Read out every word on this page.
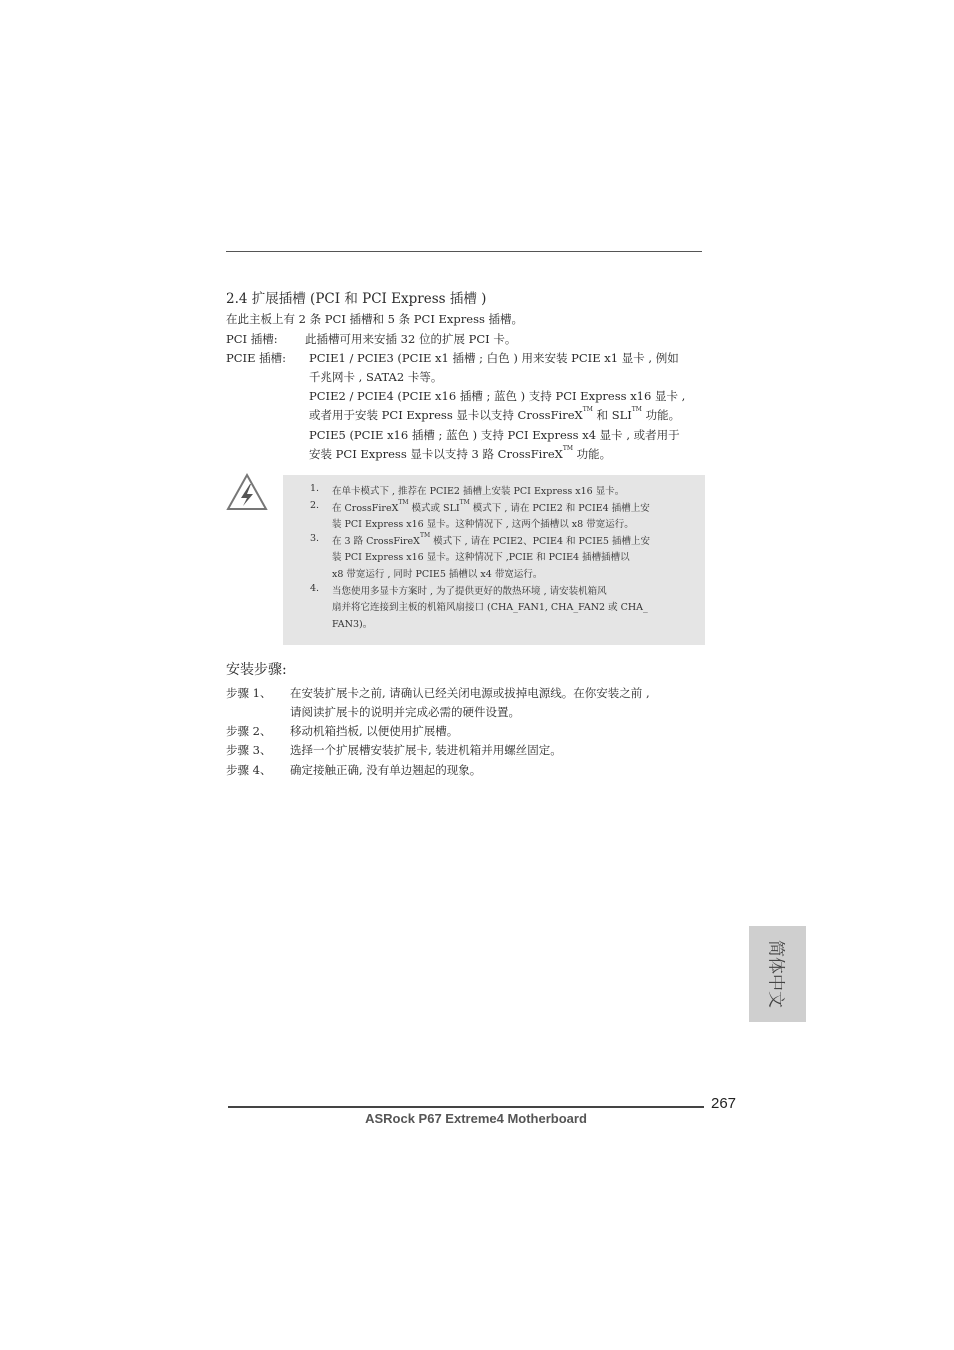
2.4 扩展插槽 (PCI 和 PCI Express 插槽 )
在此主板上有 2 条 PCI 插槽和 5 条 PCI Express 插槽。
PCI 插槽: 此插槽可用来安插 32 位的扩展 PCI 卡。
PCIE 插槽: PCIE1 / PCIE3 (PCIE x1 插槽 ; 白色 ) 用来安装 PCIE x1 显卡 , 例如
千兆网卡 , SATA2 卡等。
PCIE2 / PCIE4 (PCIE x16 插槽 ; 蓝色 ) 支持 PCI Express x16 显卡 ,
或者用于安装 PCI Express 显卡以支持 CrossFireX™ 和 SLI™ 功能。
PCIE5 (PCIE x16 插槽 ; 蓝色 ) 支持 PCI Express x4 显卡 , 或者用于
安装 PCI Express 显卡以支持 3 路 CrossFireX™ 功能。
1. 在单卡模式下 , 推荐在 PCIE2 插槽上安装 PCI Express x16 显卡。
2. 在 CrossFireX™ 模式或 SLI™ 模式下 , 请在 PCIE2 和 PCIE4 插槽上安
装 PCI Express x16 显卡。这种情况下 , 这两个插槽以 x8 带宽运行。
3. 在 3 路 CrossFireX™ 模式下 , 请在 PCIE2、PCIE4 和 PCIE5 插槽上安
装 PCI Express x16 显卡。这种情况下 ,PCIE 和 PCIE4 插槽插槽以
x8 带宽运行 , 同时 PCIE5 插槽以 x4 带宽运行。
4. 当您使用多显卡方案时 , 为了提供更好的散热环境 , 请安装机箱风
扇并将它连接到主板的机箱风扇接口 (CHA_FAN1, CHA_FAN2 或 CHA_
FAN3)。
安装步骤:
步骤 1、 在安装扩展卡之前, 请确认已经关闭电源或拔掉电源线。在你安装之前 ,
请阅读扩展卡的说明并完成必需的硬件设置。
步骤 2、 移动机箱挡板, 以便使用扩展槽。
步骤 3、 选择一个扩展槽安装扩展卡, 装进机箱并用螺丝固定。
步骤 4、 确定接触正确, 没有单边翘起的现象。
简体中文
267
ASRock P67 Extreme4 Motherboard
